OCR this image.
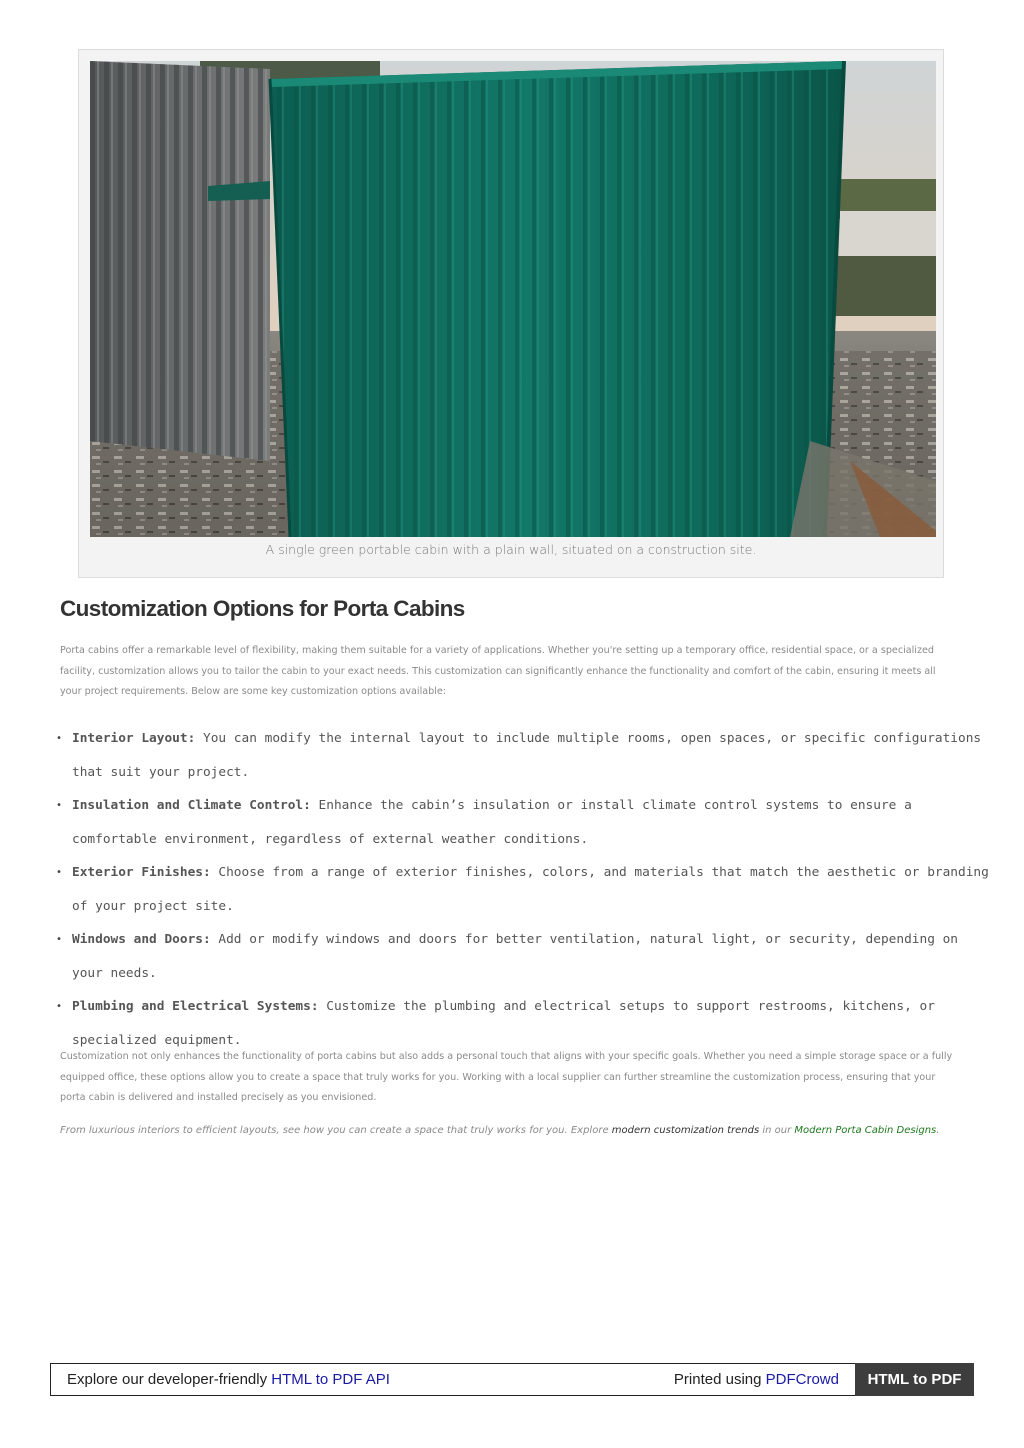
A single green portable cabin with a plain wall, situated on a construction site.
Customization Options for Porta Cabins

Porta cabins offer a remarkable level of flexibility, making them suitable for a variety of applications. Whether you're setting up a temporary office, residential space, or a specialized facility, customization allows you to tailor the cabin to your exact needs. This customization can significantly enhance the functionality and comfort of the cabin, ensuring it meets all your project requirements. Below are some key customization options available:

• Interior Layout: You can modify the internal layout to include multiple rooms, open spaces, or specific configurations that suit your project.
• Insulation and Climate Control: Enhance the cabin’s insulation or install climate control systems to ensure a comfortable environment, regardless of external weather conditions.
• Exterior Finishes: Choose from a range of exterior finishes, colors, and materials that match the aesthetic or branding of your project site.
• Windows and Doors: Add or modify windows and doors for better ventilation, natural light, or security, depending on your needs.
• Plumbing and Electrical Systems: Customize the plumbing and electrical setups to support restrooms, kitchens, or specialized equipment.

Customization not only enhances the functionality of porta cabins but also adds a personal touch that aligns with your specific goals. Whether you need a simple storage space or a fully equipped office, these options allow you to create a space that truly works for you. Working with a local supplier can further streamline the customization process, ensuring that your porta cabin is delivered and installed precisely as you envisioned.

From luxurious interiors to efficient layouts, see how you can create a space that truly works for you. Explore modern customization trends in our Modern Porta Cabin Designs.

Explore our developer-friendly HTML to PDF API	Printed using PDFCrowd	HTML to PDF
